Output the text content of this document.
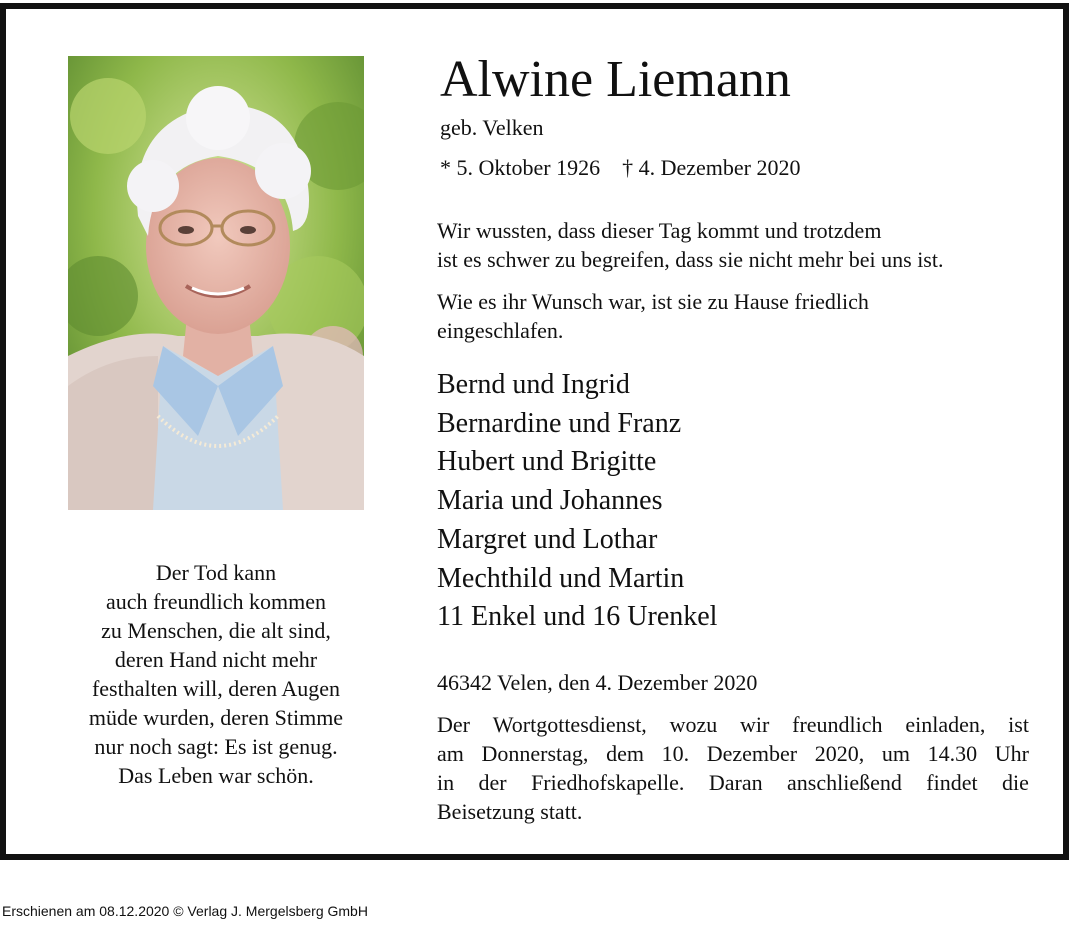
Alwine Liemann
geb. Velken
* 5. Oktober 1926 † 4. Dezember 2020
Wir wussten, dass dieser Tag kommt und trotzdem
ist es schwer zu begreifen, dass sie nicht mehr bei uns ist.
Wie es ihr Wunsch war, ist sie zu Hause friedlich
eingeschlafen.
Bernd und Ingrid
Bernardine und Franz
Hubert und Brigitte
Maria und Johannes
Margret und Lothar
Mechthild und Martin
11 Enkel und 16 Urenkel
46342 Velen, den 4. Dezember 2020
Der Wortgottesdienst, wozu wir freundlich einladen, ist
am Donnerstag, dem 10. Dezember 2020, um 14.30 Uhr
in der Friedhofskapelle. Daran anschließend findet die
Beisetzung statt.
Der Tod kann
auch freundlich kommen
zu Menschen, die alt sind,
deren Hand nicht mehr
festhalten will, deren Augen
müde wurden, deren Stimme
nur noch sagt: Es ist genug.
Das Leben war schön.
Erschienen am 08.12.2020 © Verlag J. Mergelsberg GmbH
